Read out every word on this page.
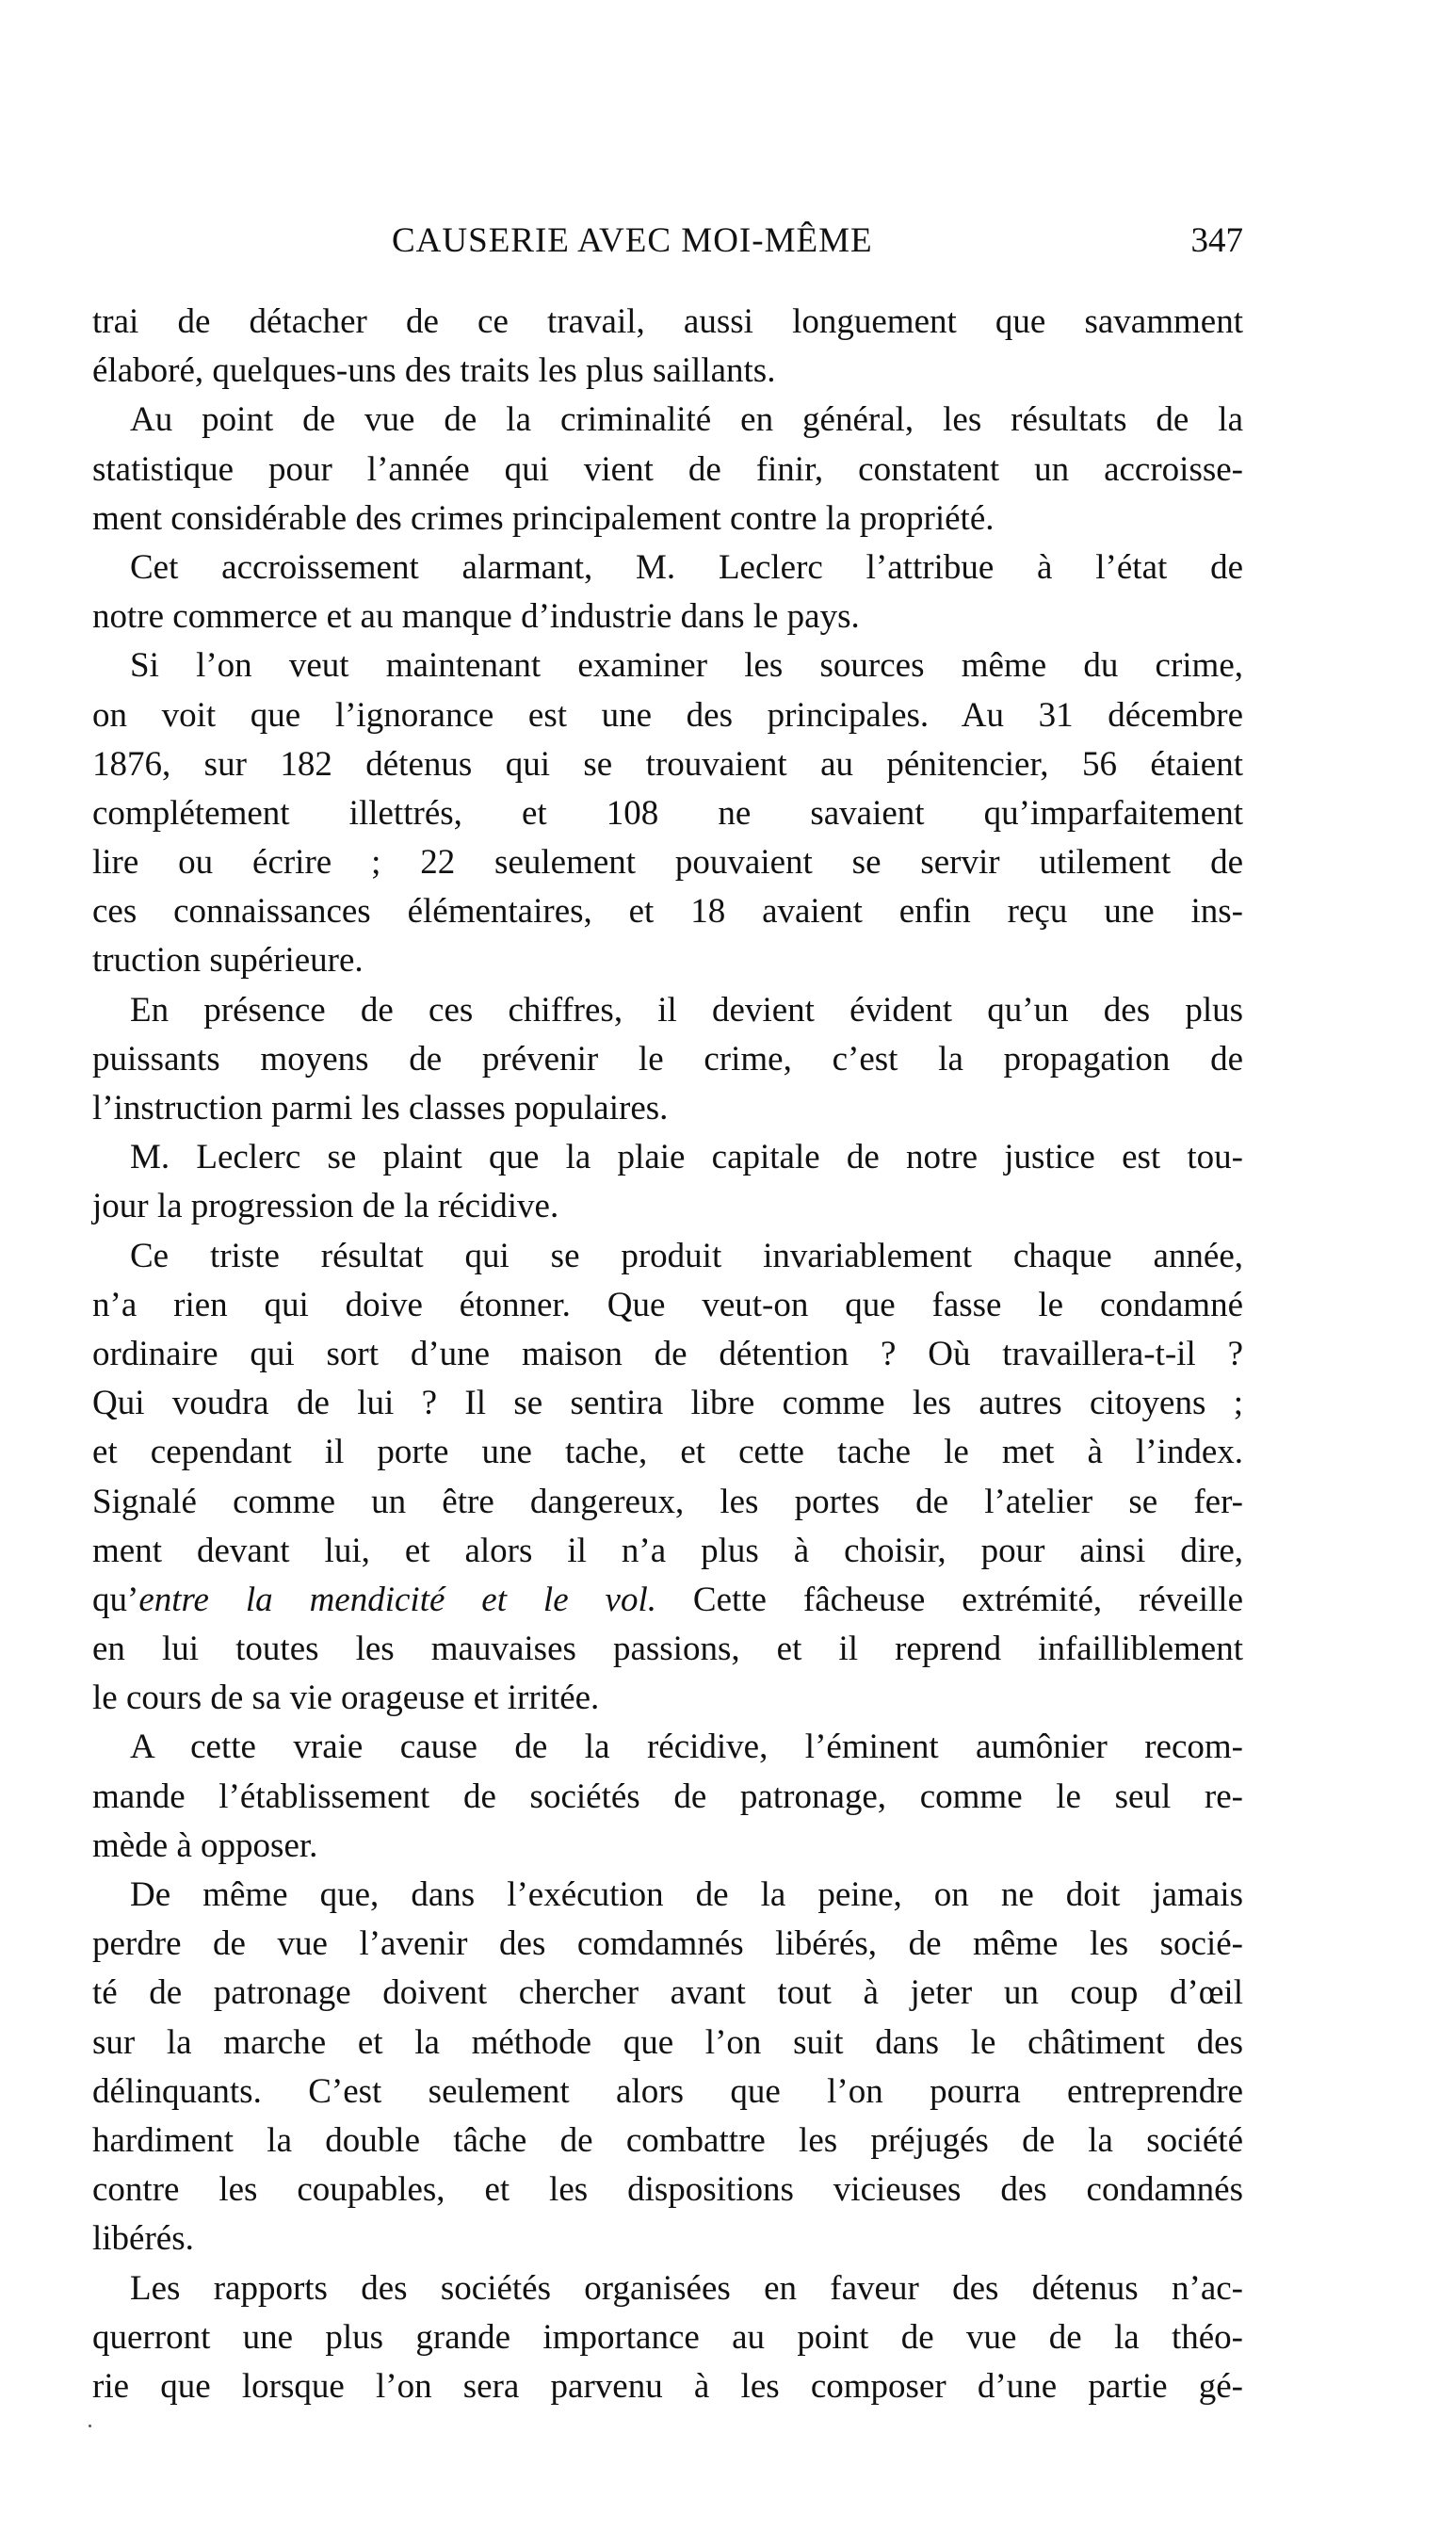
CAUSERIE AVEC MOI-MÊME	347
trai de détacher de ce travail, aussi longuement que savamment
élaboré, quelques-uns des traits les plus saillants.
Au point de vue de la criminalité en général, les résultats de la
statistique pour l’année qui vient de finir, constatent un accroisse-
ment considérable des crimes principalement contre la propriété.
Cet accroissement alarmant, M. Leclerc l’attribue à l’état de
notre commerce et au manque d’industrie dans le pays.
Si l’on veut maintenant examiner les sources même du crime,
on voit que l’ignorance est une des principales. Au 31 décembre
1876, sur 182 détenus qui se trouvaient au pénitencier, 56 étaient
complétement illettrés, et 108 ne savaient qu’imparfaitement
lire ou écrire ; 22 seulement pouvaient se servir utilement de
ces connaissances élémentaires, et 18 avaient enfin reçu une ins-
truction supérieure.
En présence de ces chiffres, il devient évident qu’un des plus
puissants moyens de prévenir le crime, c’est la propagation de
l’instruction parmi les classes populaires.
M. Leclerc se plaint que la plaie capitale de notre justice est tou-
jour la progression de la récidive.
Ce triste résultat qui se produit invariablement chaque année,
n’a rien qui doive étonner. Que veut-on que fasse le condamné
ordinaire qui sort d’une maison de détention ? Où travaillera-t-il ?
Qui voudra de lui ? Il se sentira libre comme les autres citoyens ;
et cependant il porte une tache, et cette tache le met à l’index.
Signalé comme un être dangereux, les portes de l’atelier se fer-
ment devant lui, et alors il n’a plus à choisir, pour ainsi dire,
qu’entre la mendicité et le vol. Cette fâcheuse extrémité, réveille
en lui toutes les mauvaises passions, et il reprend infailliblement
le cours de sa vie orageuse et irritée.
A cette vraie cause de la récidive, l’éminent aumônier recom-
mande l’établissement de sociétés de patronage, comme le seul re-
mède à opposer.
De même que, dans l’exécution de la peine, on ne doit jamais
perdre de vue l’avenir des comdamnés libérés, de même les socié-
té de patronage doivent chercher avant tout à jeter un coup d’œil
sur la marche et la méthode que l’on suit dans le châtiment des
délinquants. C’est seulement alors que l’on pourra entreprendre
hardiment la double tâche de combattre les préjugés de la société
contre les coupables, et les dispositions vicieuses des condamnés
libérés.
Les rapports des sociétés organisées en faveur des détenus n’ac-
querront une plus grande importance au point de vue de la théo-
rie que lorsque l’on sera parvenu à les composer d’une partie gé-
